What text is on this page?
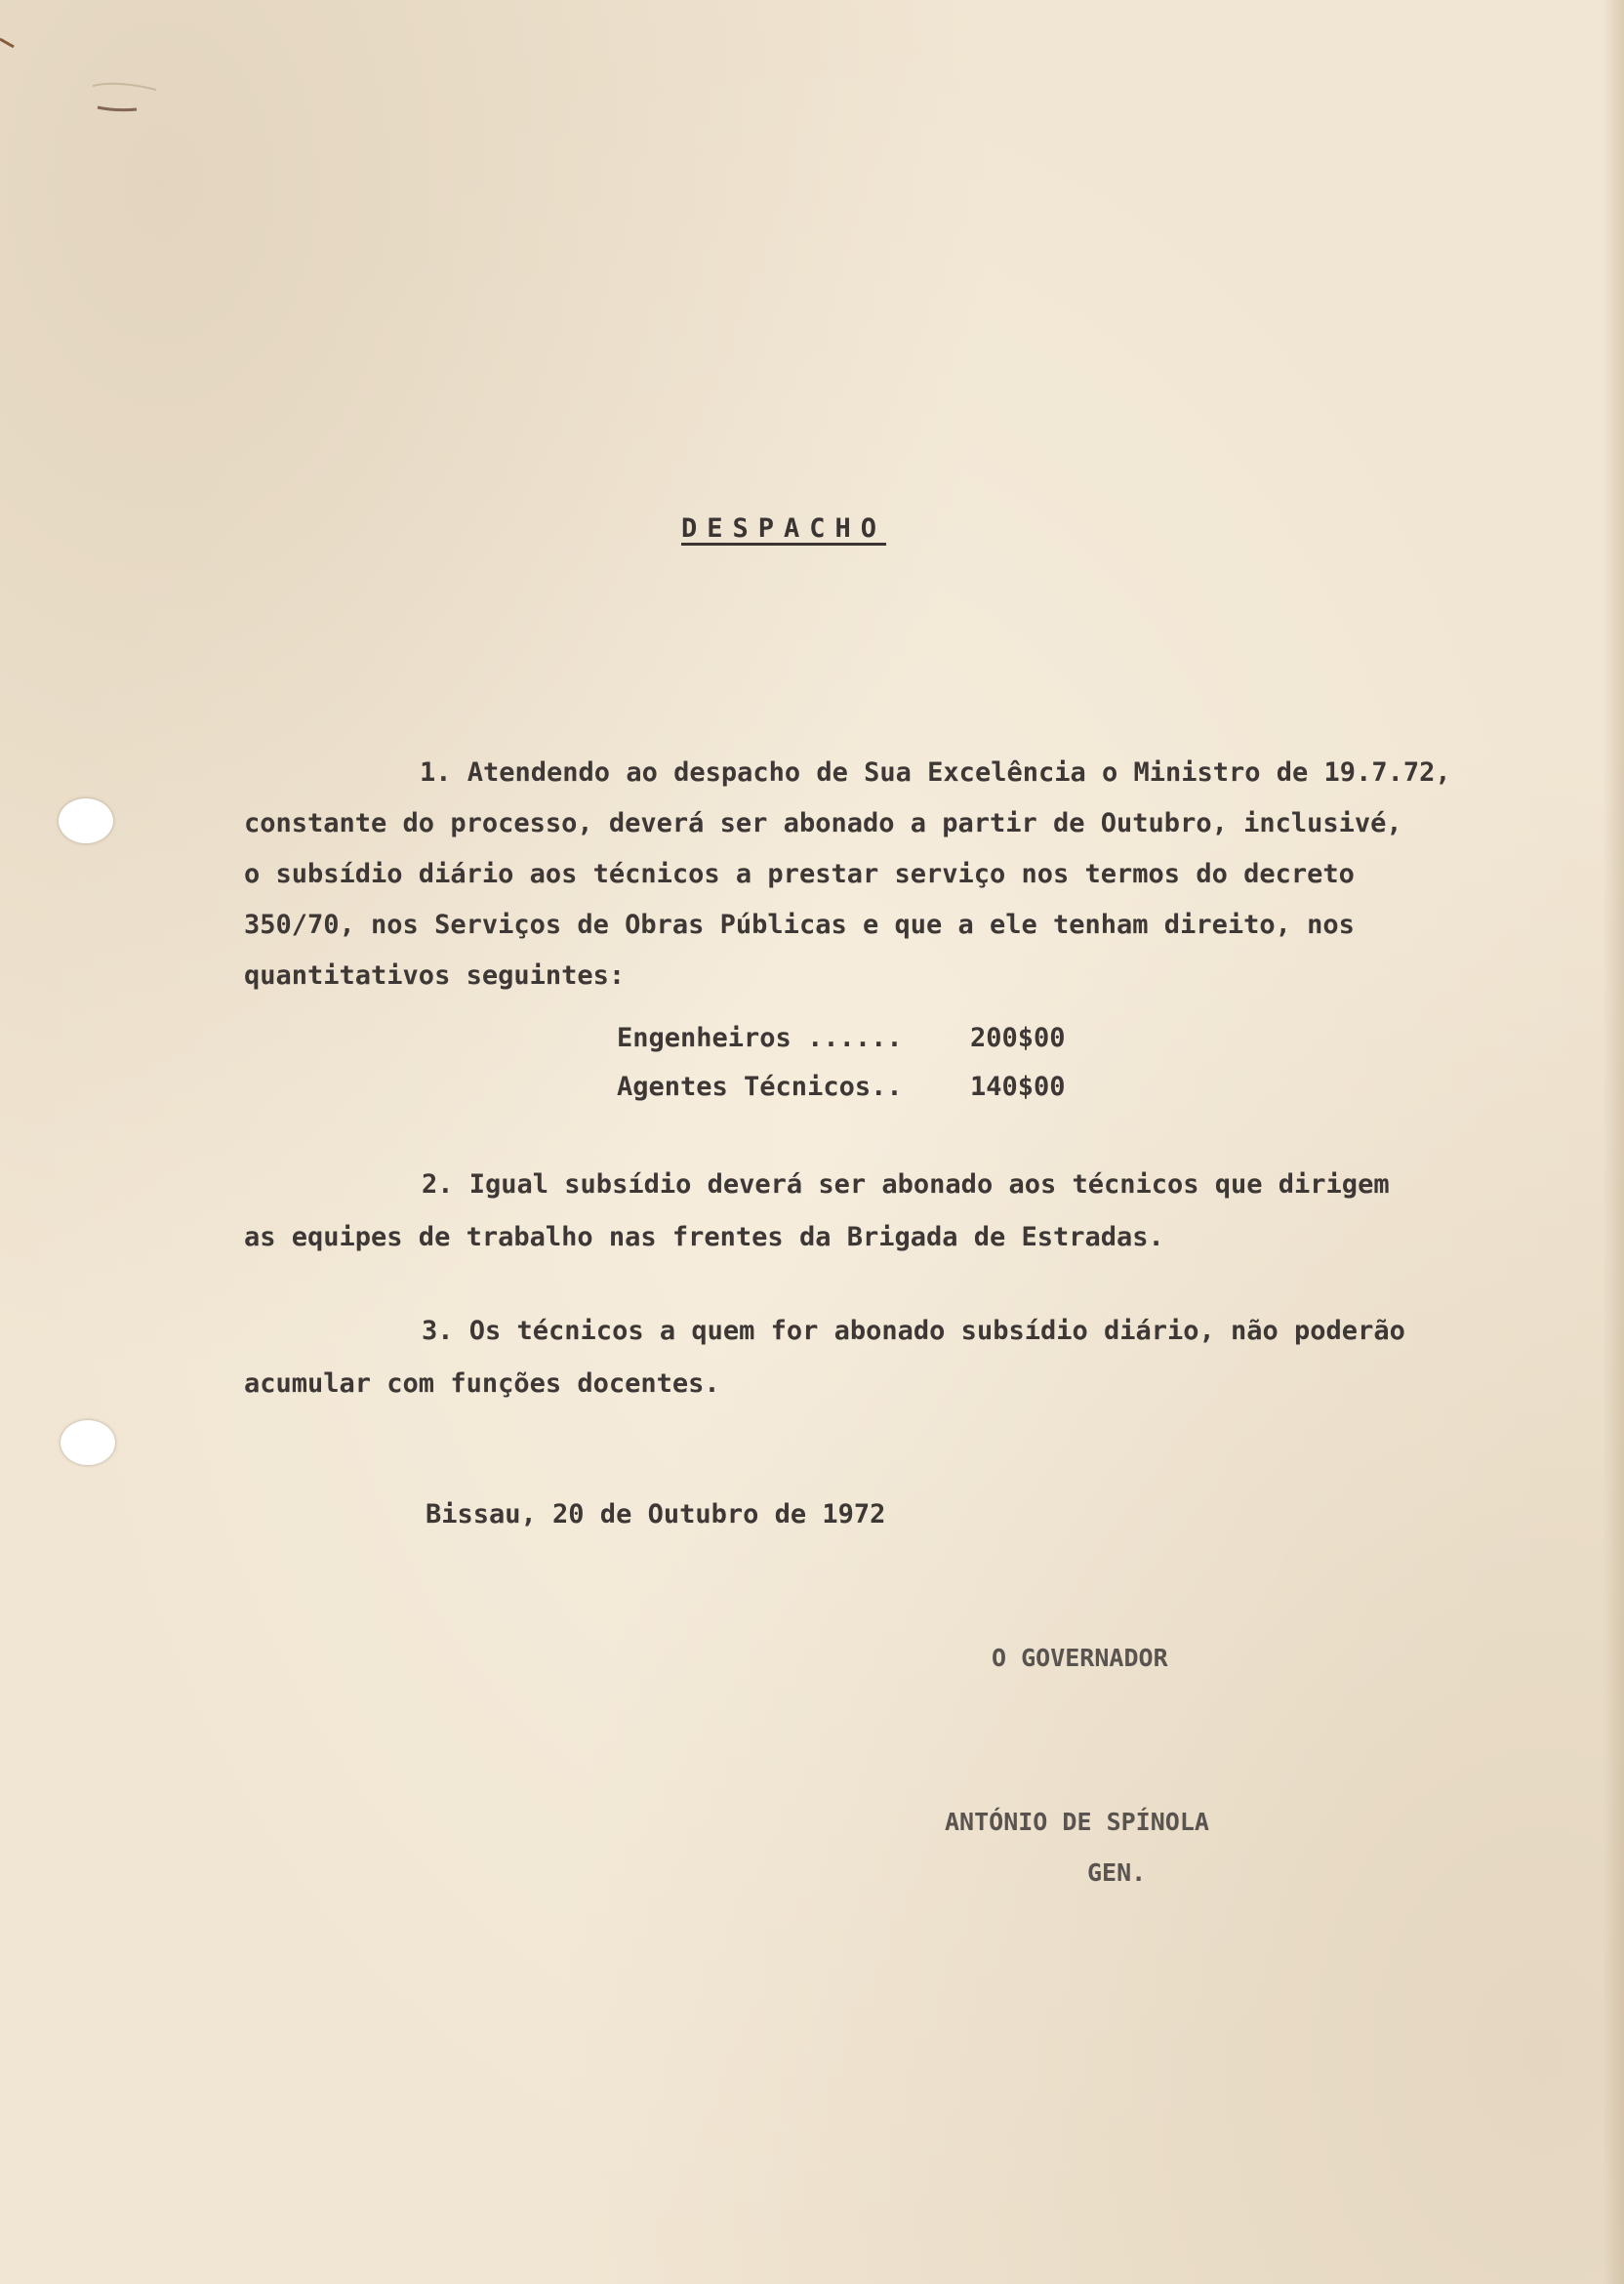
DESPACHO
1. Atendendo ao despacho de Sua Excelência o Ministro de 19.7.72,
constante do processo, deverá ser abonado a partir de Outubro, inclusivé,
o subsídio diário aos técnicos a prestar serviço nos termos do decreto
350/70, nos Serviços de Obras Públicas e que a ele tenham direito, nos
quantitativos seguintes:
Engenheiros ......	200$00
Agentes Técnicos..	140$00
2. Igual subsídio deverá ser abonado aos técnicos que dirigem
as equipes de trabalho nas frentes da Brigada de Estradas.
3. Os técnicos a quem for abonado subsídio diário, não poderão
acumular com funções docentes.
Bissau, 20 de Outubro de 1972
O GOVERNADOR
ANTÓNIO DE SPÍNOLA
GEN.
